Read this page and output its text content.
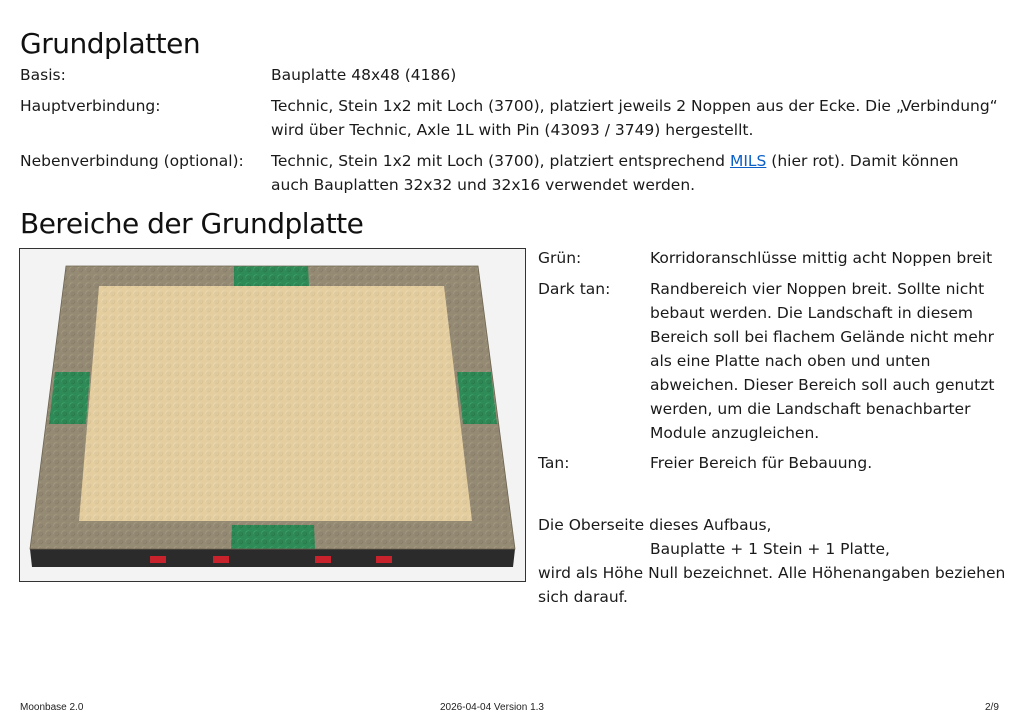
Grundplatten
Basis:	Bauplatte 48x48 (4186)
Hauptverbindung:	Technic, Stein 1x2 mit Loch (3700), platziert jeweils 2 Noppen aus der Ecke. Die „Verbindung“ wird über Technic, Axle 1L with Pin (43093 / 3749) hergestellt.
Nebenverbindung (optional): Technic, Stein 1x2 mit Loch (3700), platziert entsprechend MILS (hier rot). Damit können auch Bauplatten 32x32 und 32x16 verwendet werden.
Bereiche der Grundplatte
Grün:	Korridoranschlüsse mittig acht Noppen breit
Dark tan:	Randbereich vier Noppen breit. Sollte nicht bebaut werden. Die Landschaft in diesem Bereich soll bei flachem Gelände nicht mehr als eine Platte nach oben und unten abweichen. Dieser Bereich soll auch genutzt werden, um die Landschaft benachbarter Module anzugleichen.
Tan:	Freier Bereich für Bebauung.
Die Oberseite dieses Aufbaus,
Bauplatte + 1 Stein + 1 Platte,
wird als Höhe Null bezeichnet. Alle Höhenangaben beziehen sich darauf.
Moonbase 2.0	2026-04-04 Version 1.3	2/9
